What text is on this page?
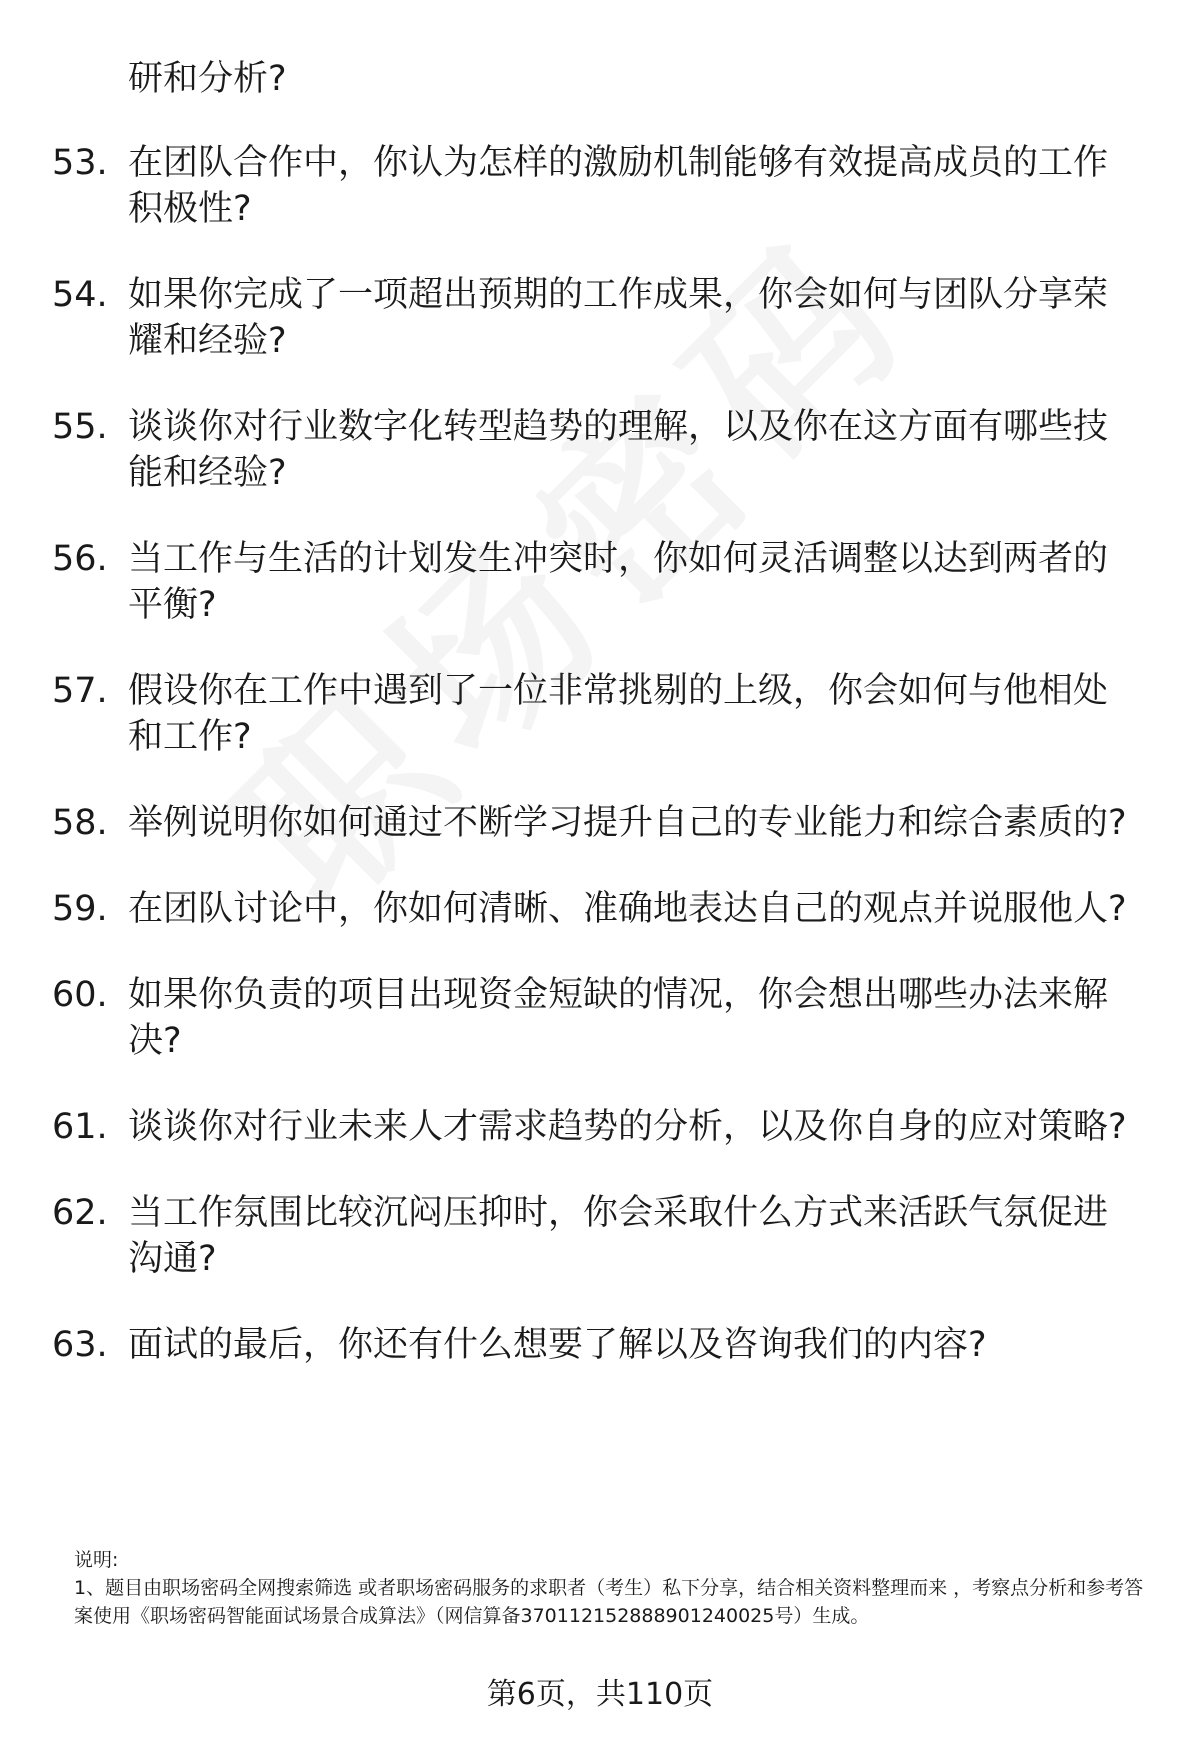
研和分析?
53. 在团队合作中，你认为怎样的激励机制能够有效提高成员的工作积极性?
54. 如果你完成了一项超出预期的工作成果，你会如何与团队分享荣耀和经验?
55. 谈谈你对行业数字化转型趋势的理解，以及你在这方面有哪些技能和经验?
56. 当工作与生活的计划发生冲突时，你如何灵活调整以达到两者的平衡?
57. 假设你在工作中遇到了一位非常挑剔的上级，你会如何与他相处和工作?
58. 举例说明你如何通过不断学习提升自己的专业能力和综合素质的?
59. 在团队讨论中，你如何清晰、准确地表达自己的观点并说服他人?
60. 如果你负责的项目出现资金短缺的情况，你会想出哪些办法来解决?
61. 谈谈你对行业未来人才需求趋势的分析，以及你自身的应对策略?
62. 当工作氛围比较沉闷压抑时，你会采取什么方式来活跃气氛促进沟通?
63. 面试的最后，你还有什么想要了解以及咨询我们的内容?

说明:

1、题目由职场密码全网搜索筛选 或者职场密码服务的求职者（考生）私下分享，结合相关资料整理而来 ，考察点分析和参考答案使用《职场密码智能面试场景合成算法》（网信算备370112152888901240025号）生成。

第6页，共110页
